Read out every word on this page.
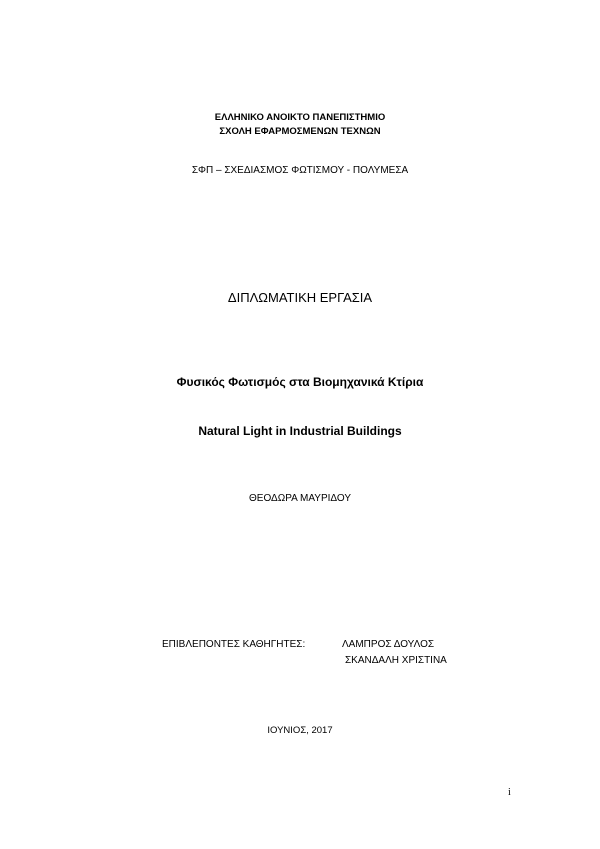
ΕΛΛΗΝΙΚΟ ΑΝΟΙΚΤΟ ΠΑΝΕΠΙΣΤΗΜΙΟ
ΣΧΟΛΗ ΕΦΑΡΜΟΣΜΕΝΩΝ ΤΕΧΝΩΝ
ΣΦΠ – ΣΧΕΔΙΑΣΜΟΣ ΦΩΤΙΣΜΟΥ - ΠΟΛΥΜΕΣΑ
ΔΙΠΛΩΜΑΤΙΚΗ ΕΡΓΑΣΙΑ
Φυσικός Φωτισμός στα Βιομηχανικά Κτίρια
Natural Light in Industrial Buildings
ΘΕΟΔΩΡΑ ΜΑΥΡΙΔΟΥ
ΕΠΙΒΛΕΠΟΝΤΕΣ ΚΑΘΗΓΗΤΕΣ:	ΛΑΜΠΡΟΣ ΔΟΥΛΟΣ
ΣΚΑΝΔΑΛΗ ΧΡΙΣΤΙΝΑ
ΙΟΥΝΙΟΣ, 2017
i
